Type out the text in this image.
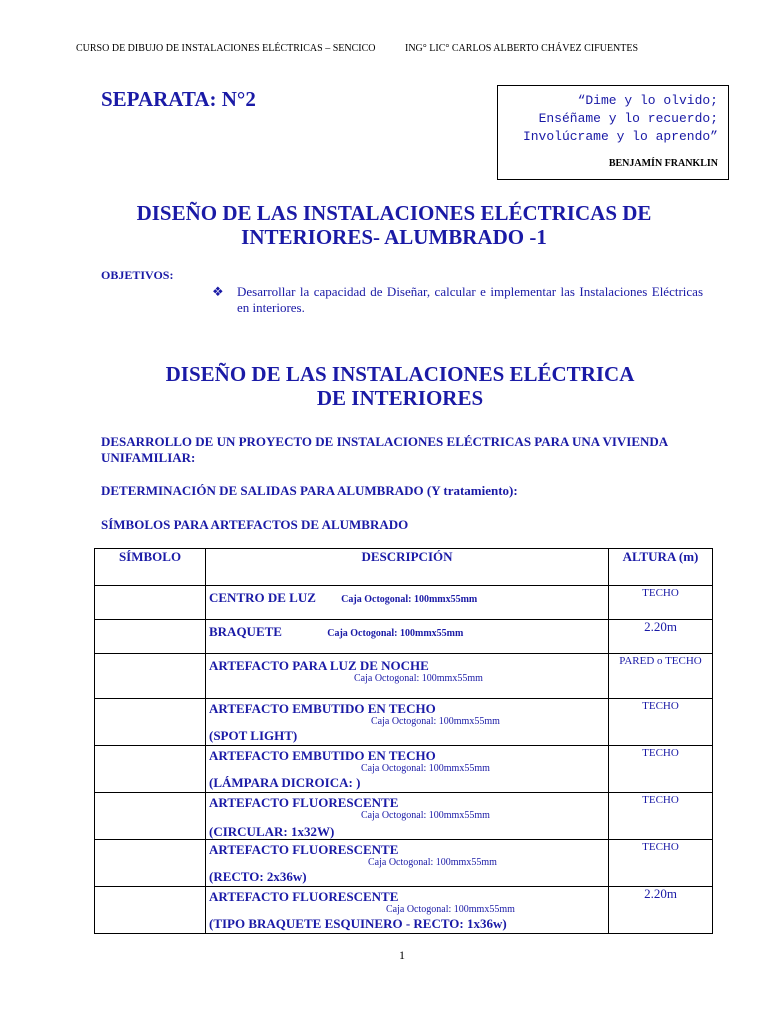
CURSO DE DIBUJO DE INSTALACIONES ELÉCTRICAS – SENCICO	ING° LIC° CARLOS ALBERTO CHÁVEZ CIFUENTES
SEPARATA: N°2	“Dime y lo olvido;
Enséñame y lo recuerdo;
Involúcrame y lo aprendo”
BENJAMÍN FRANKLIN
DISEÑO DE LAS INSTALACIONES ELÉCTRICAS DE
INTERIORES- ALUMBRADO -1
OBJETIVOS:
❖ Desarrollar la capacidad de Diseñar, calcular e implementar las Instalaciones Eléctricas en interiores.
DISEÑO DE LAS INSTALACIONES ELÉCTRICA
DE INTERIORES
DESARROLLO DE UN PROYECTO DE INSTALACIONES ELÉCTRICAS PARA UNA VIVIENDA UNIFAMILIAR:
DETERMINACIÓN DE SALIDAS PARA ALUMBRADO (Y tratamiento):
SÍMBOLOS PARA ARTEFACTOS DE ALUMBRADO
SÍMBOLO	DESCRIPCIÓN	ALTURA (m)

	CENTRO DE LUZ Caja Octogonal: 100mmx55mm	TECHO

	BRAQUETE Caja Octogonal: 100mmx55mm	2.20m

	ARTEFACTO PARA LUZ DE NOCHE
Caja Octogonal: 100mmx55mm	PARED o TECHO

	ARTEFACTO EMBUTIDO EN TECHO
Caja Octogonal: 100mmx55mm
(SPOT LIGHT)	TECHO

	ARTEFACTO EMBUTIDO EN TECHO
Caja Octogonal: 100mmx55mm
(LÁMPARA DICROICA: )	TECHO

	ARTEFACTO FLUORESCENTE
Caja Octogonal: 100mmx55mm
(CIRCULAR: 1x32W)	TECHO

	ARTEFACTO FLUORESCENTE
Caja Octogonal: 100mmx55mm
(RECTO: 2x36w)	TECHO

	ARTEFACTO FLUORESCENTE
Caja Octogonal: 100mmx55mm
(TIPO BRAQUETE ESQUINERO - RECTO: 1x36w)	2.20m
1
